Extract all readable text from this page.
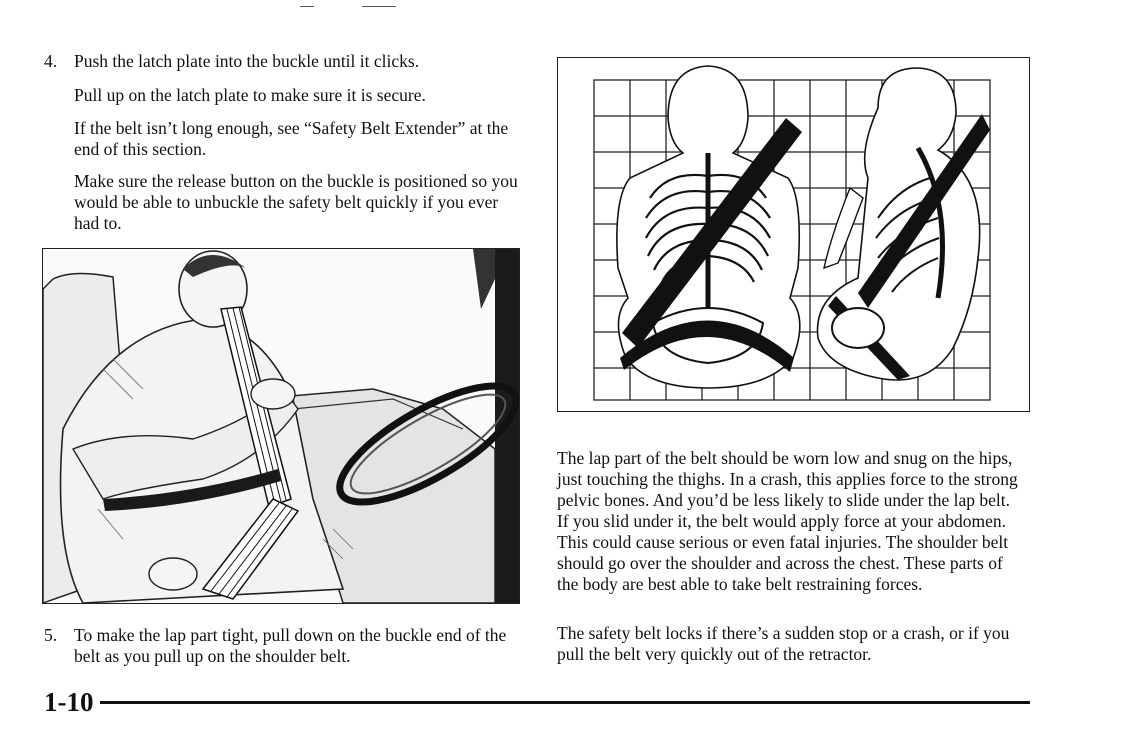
4. Push the latch plate into the buckle until it clicks.

Pull up on the latch plate to make sure it is secure.

If the belt isn’t long enough, see “Safety Belt Extender” at the end of this section.

Make sure the release button on the buckle is positioned so you would be able to unbuckle the safety belt quickly if you ever had to.

5. To make the lap part tight, pull down on the buckle end of the belt as you pull up on the shoulder belt.

The lap part of the belt should be worn low and snug on the hips, just touching the thighs. In a crash, this applies force to the strong pelvic bones. And you’d be less likely to slide under the lap belt. If you slid under it, the belt would apply force at your abdomen. This could cause serious or even fatal injuries. The shoulder belt should go over the shoulder and across the chest. These parts of the body are best able to take belt restraining forces.

The safety belt locks if there’s a sudden stop or a crash, or if you pull the belt very quickly out of the retractor.

1-10
